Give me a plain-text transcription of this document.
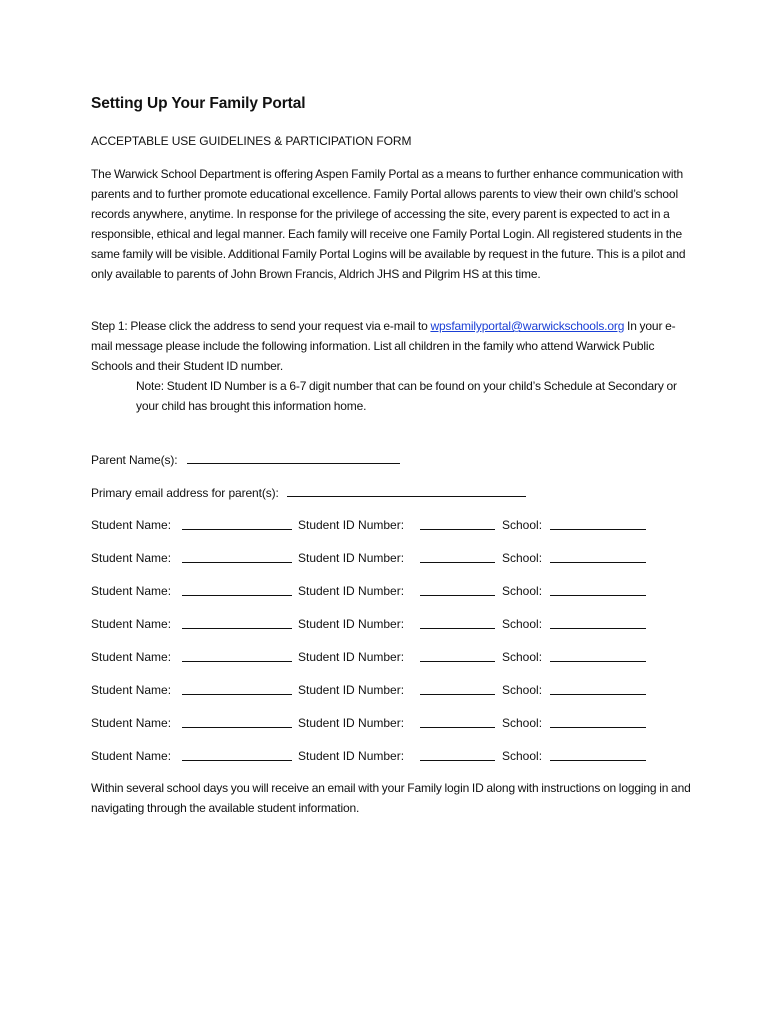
Setting Up Your Family Portal

ACCEPTABLE USE GUIDELINES & PARTICIPATION FORM

The Warwick School Department is offering Aspen Family Portal as a means to further enhance communication with parents and to further promote educational excellence. Family Portal allows parents to view their own child’s school records anywhere, anytime. In response for the privilege of accessing the site, every parent is expected to act in a responsible, ethical and legal manner. Each family will receive one Family Portal Login. All registered students in the same family will be visible. Additional Family Portal Logins will be available by request in the future. This is a pilot and only available to parents of John Brown Francis, Aldrich JHS and Pilgrim HS at this time.

Step 1: Please click the address to send your request via e-mail to wpsfamilyportal@warwickschools.org In your e-mail message please include the following information. List all children in the family who attend Warwick Public Schools and their Student ID number.

Note: Student ID Number is a 6-7 digit number that can be found on your child’s Schedule at Secondary or your child has brought this information home.

Parent Name(s):
Primary email address for parent(s):
Student Name:	Student ID Number:	School:
Student Name:	Student ID Number:	School:
Student Name:	Student ID Number:	School:
Student Name:	Student ID Number:	School:
Student Name:	Student ID Number:	School:
Student Name:	Student ID Number:	School:
Student Name:	Student ID Number:	School:
Student Name:	Student ID Number:	School:

Within several school days you will receive an email with your Family login ID along with instructions on logging in and navigating through the available student information.
